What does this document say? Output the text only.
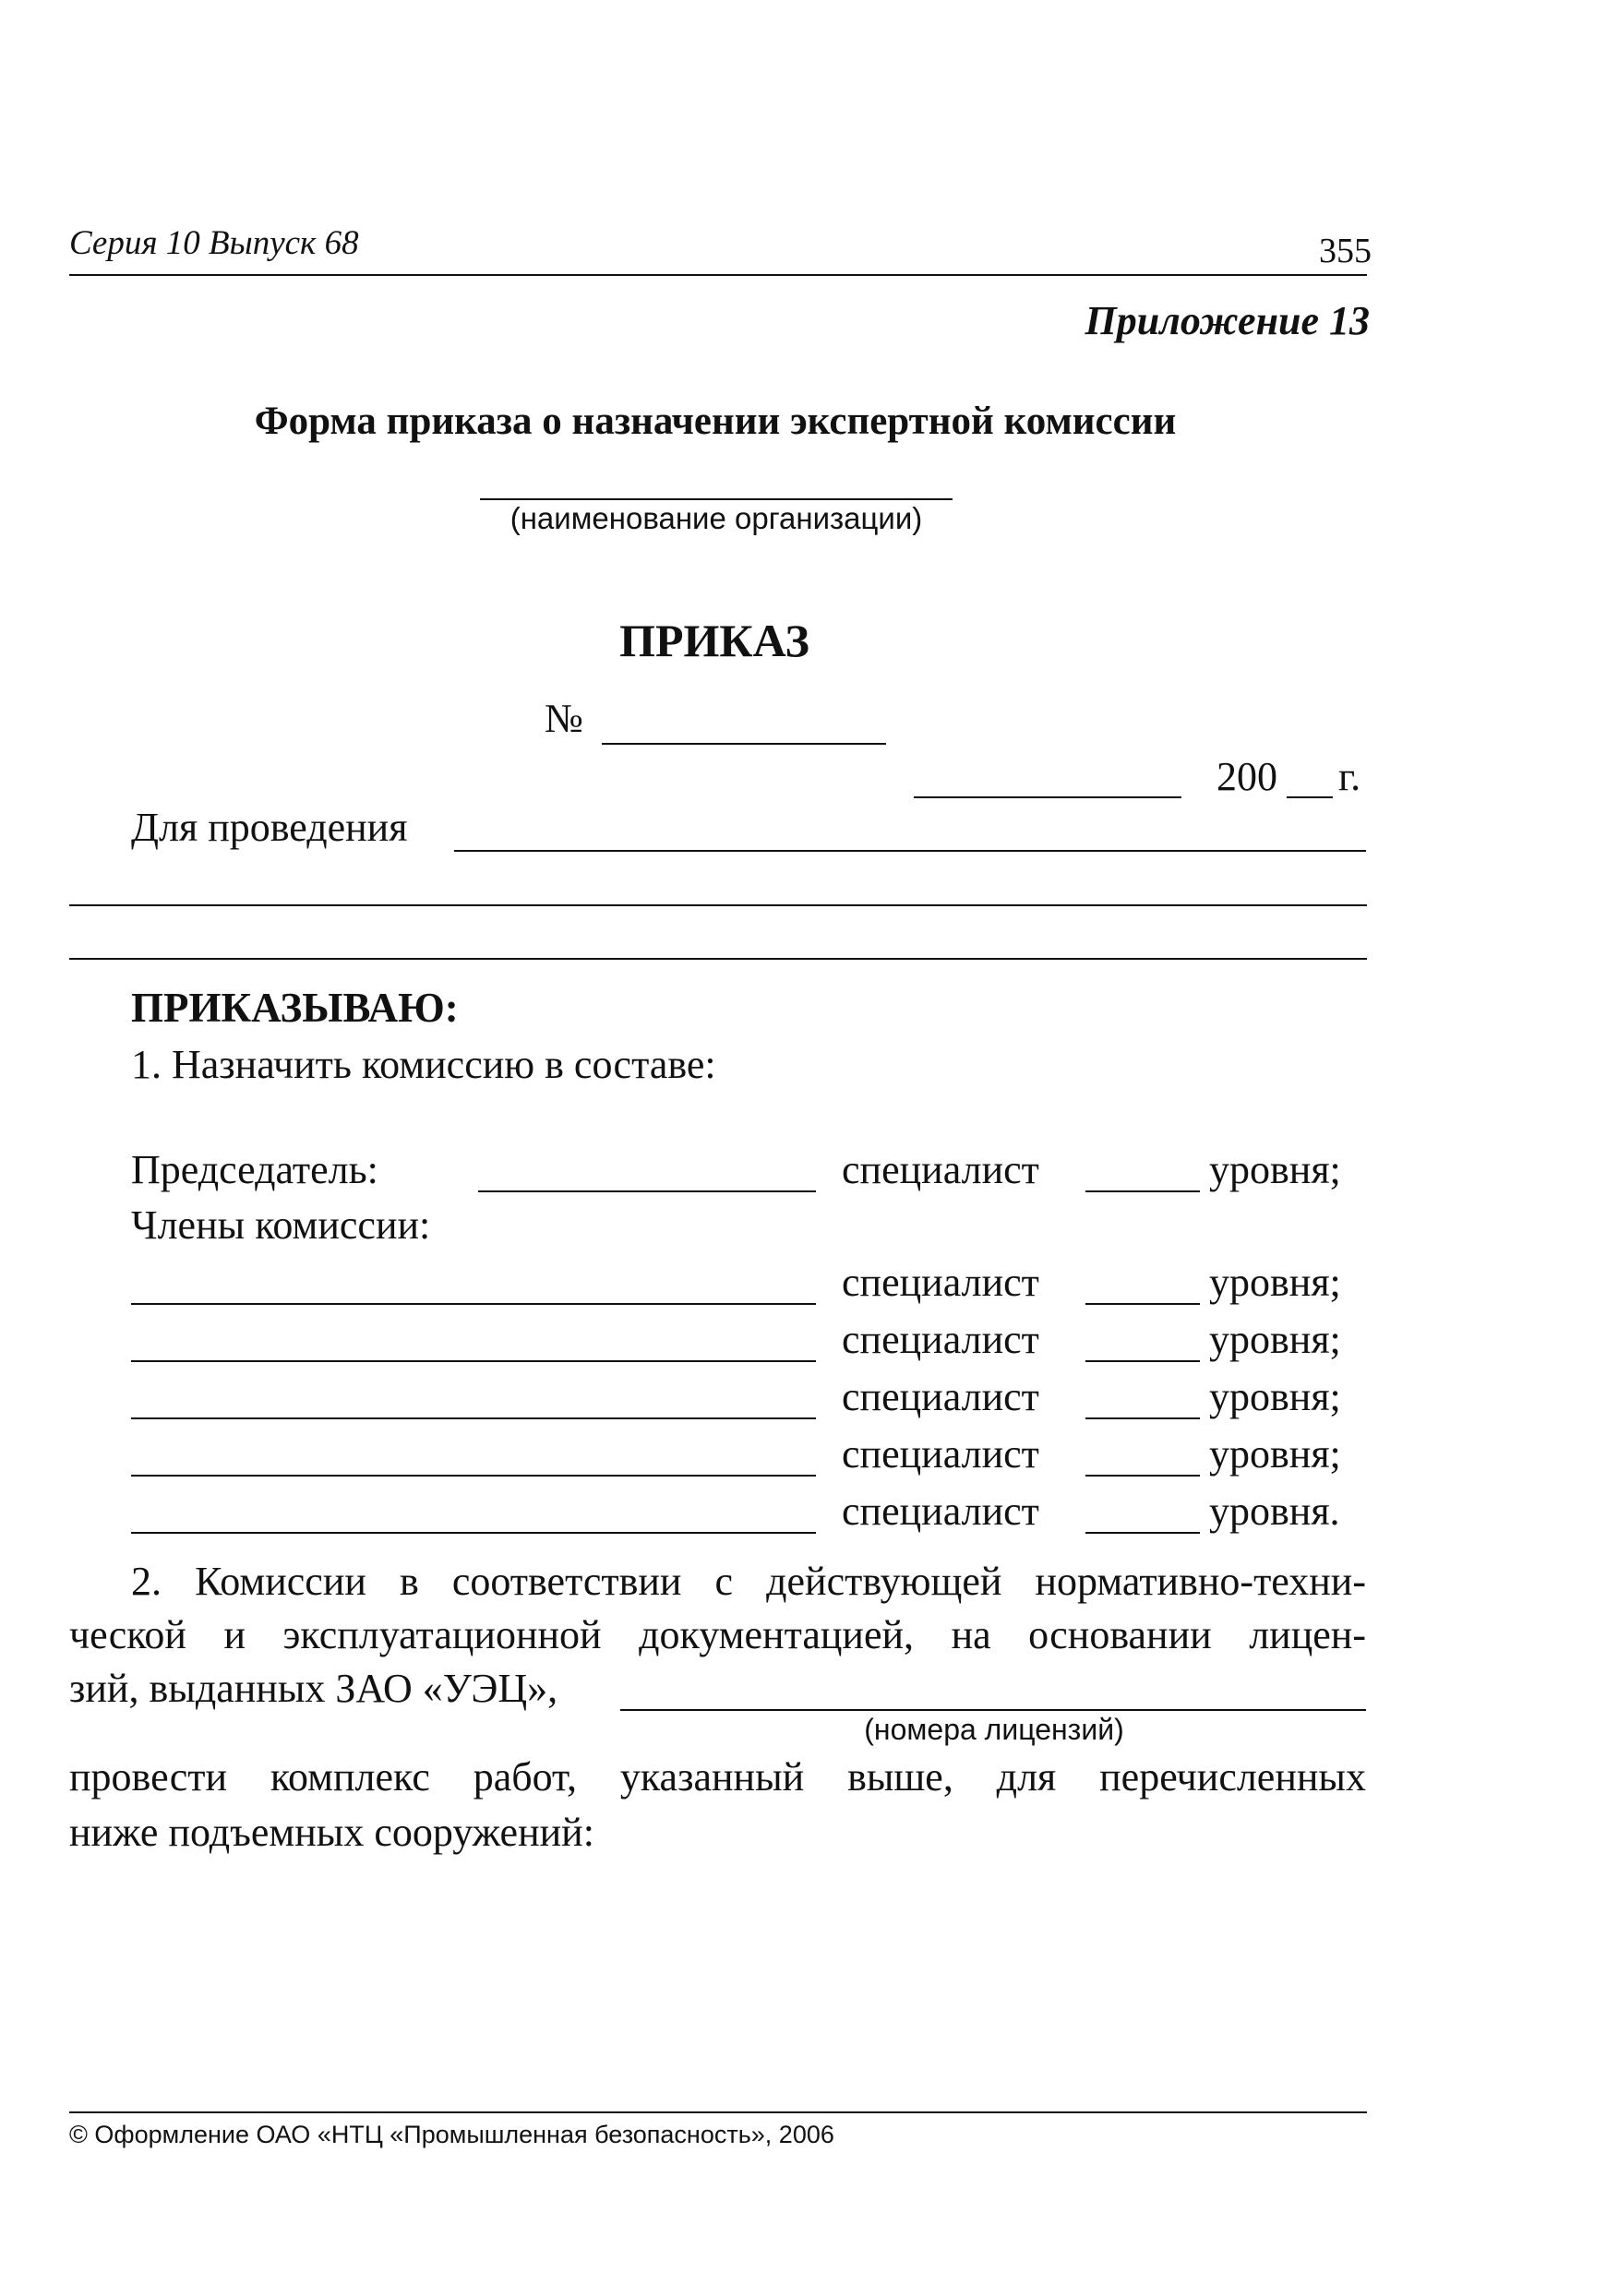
Серия 10 Выпуск 68	355
Приложение 13
Форма приказа о назначении экспертной комиссии
(наименование организации)
ПРИКАЗ
№
200 г.
Для проведения
ПРИКАЗЫВАЮ:
1. Назначить комиссию в составе:
Председатель:	специалист	уровня;
Члены комиссии:
специалист	уровня;
специалист	уровня;
специалист	уровня;
специалист	уровня;
специалист	уровня.
2. Комиссии в соответствии с действующей нормативно-техни-
ческой и эксплуатационной документацией, на основании лицен-
зий, выданных ЗАО «УЭЦ»,
(номера лицензий)
провести комплекс работ, указанный выше, для перечисленных
ниже подъемных сооружений:
© Оформление ОАО «НТЦ «Промышленная безопасность», 2006
